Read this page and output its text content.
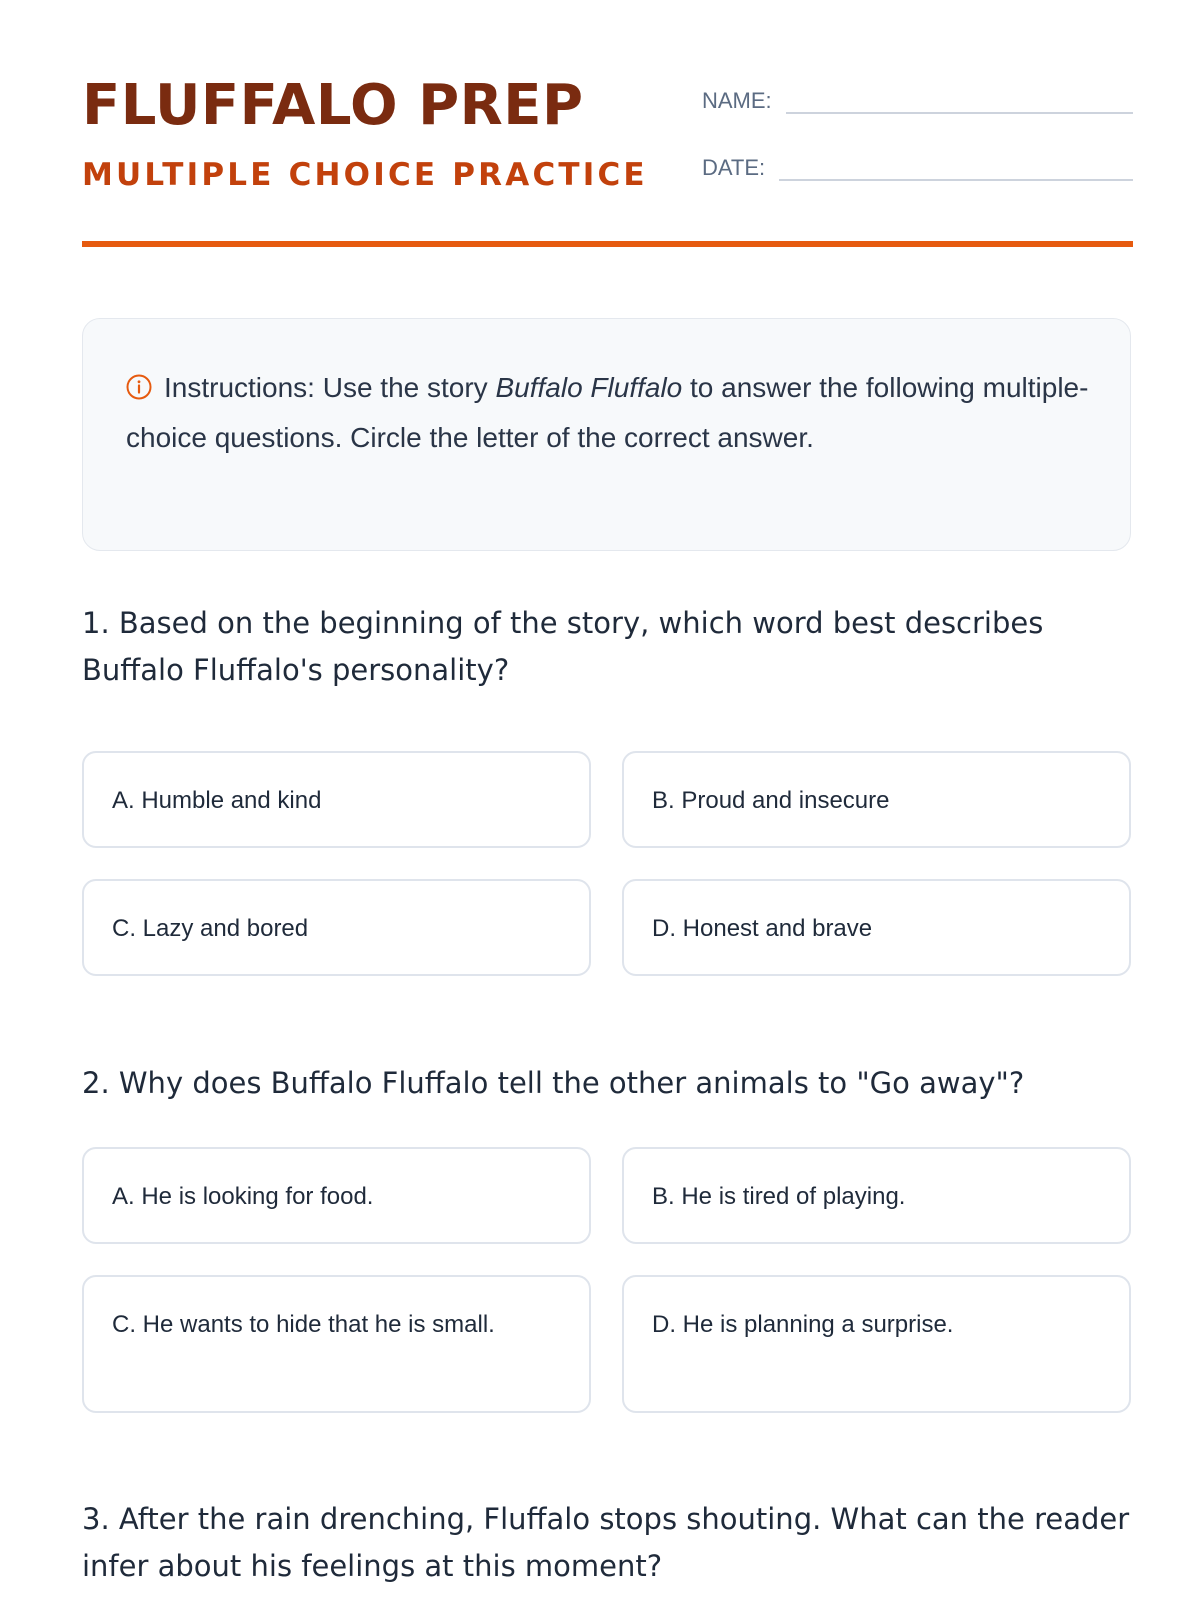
FLUFFALO PREP
MULTIPLE CHOICE PRACTICE
NAME:
DATE:
Instructions: Use the story Buffalo Fluffalo to answer the following multiple-choice questions. Circle the letter of the correct answer.

1. Based on the beginning of the story, which word best describes Buffalo Fluffalo's personality?

A. Humble and kind	B. Proud and insecure
C. Lazy and bored	D. Honest and brave

2. Why does Buffalo Fluffalo tell the other animals to "Go away"?

A. He is looking for food.	B. He is tired of playing.
C. He wants to hide that he is small.	D. He is planning a surprise.

3. After the rain drenching, Fluffalo stops shouting. What can the reader infer about his feelings at this moment?
